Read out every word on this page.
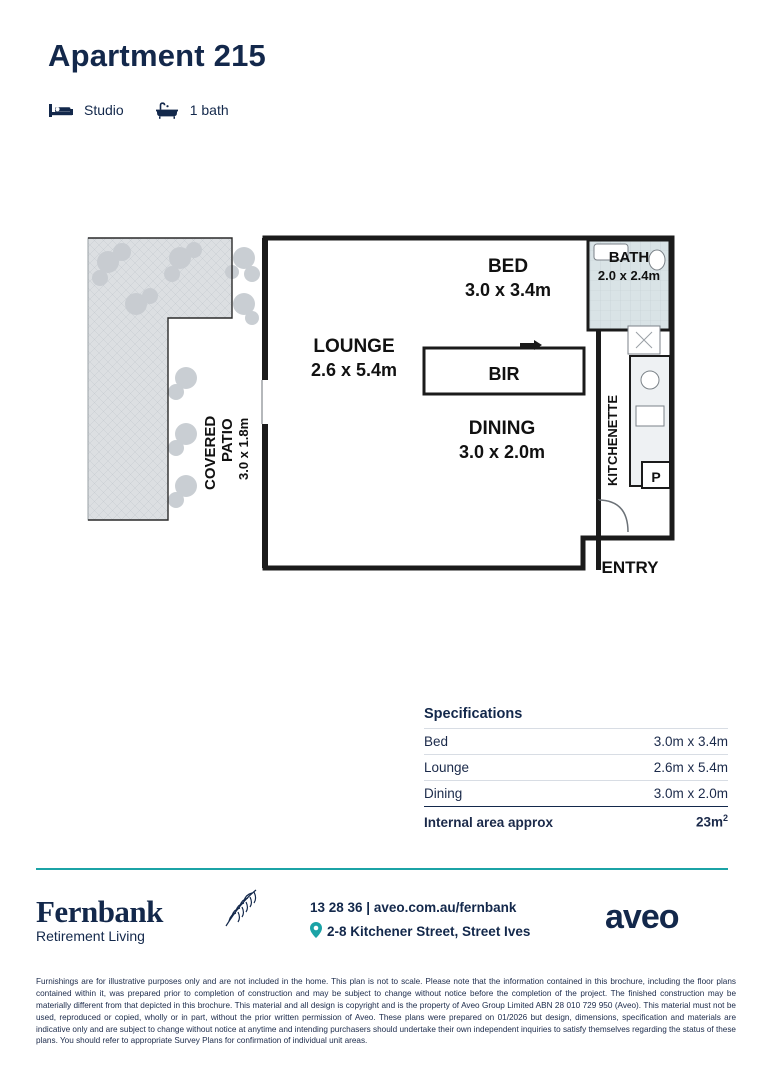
Apartment 215
Studio	1 bath
BED
3.0 x 3.4m
LOUNGE
2.6 x 5.4m	BIR
DINING
3.0 x 2.0m
BATH
2.0 x 2.4m
P
KITCHENETTE
COVERED PATIO 3.0 x 1.8m
ENTRY
Specifications
Bed	3.0m x 3.4m
Lounge	2.6m x 5.4m
Dining	3.0m x 2.0m
Internal area approx	$23m^2$
Fernbank
Retirement Living
13 28 36 | aveo.com.au/fernbank
2-8 Kitchener Street, Street Ives aveo
Furnishings are for illustrative purposes only and are not included in the home. This plan is not to scale. Please note that the information contained in this brochure, including the floor plans contained within it, was prepared prior to completion of construction and may be subject to change without notice before the completion of the project. The finished construction may be materially different from that depicted in this brochure. This material and all design is copyright and is the property of Aveo Group Limited ABN 28 010 729 950 (Aveo). This material must not be used, reproduced or copied, wholly or in part, without the prior written permission of Aveo. These plans were prepared on 01/2026 but design, dimensions, specification and materials are indicative only and are subject to change without notice at anytime and intending purchasers should undertake their own independent inquiries to satisfy themselves regarding the status of these plans. You should refer to appropriate Survey Plans for confirmation of individual unit areas.
